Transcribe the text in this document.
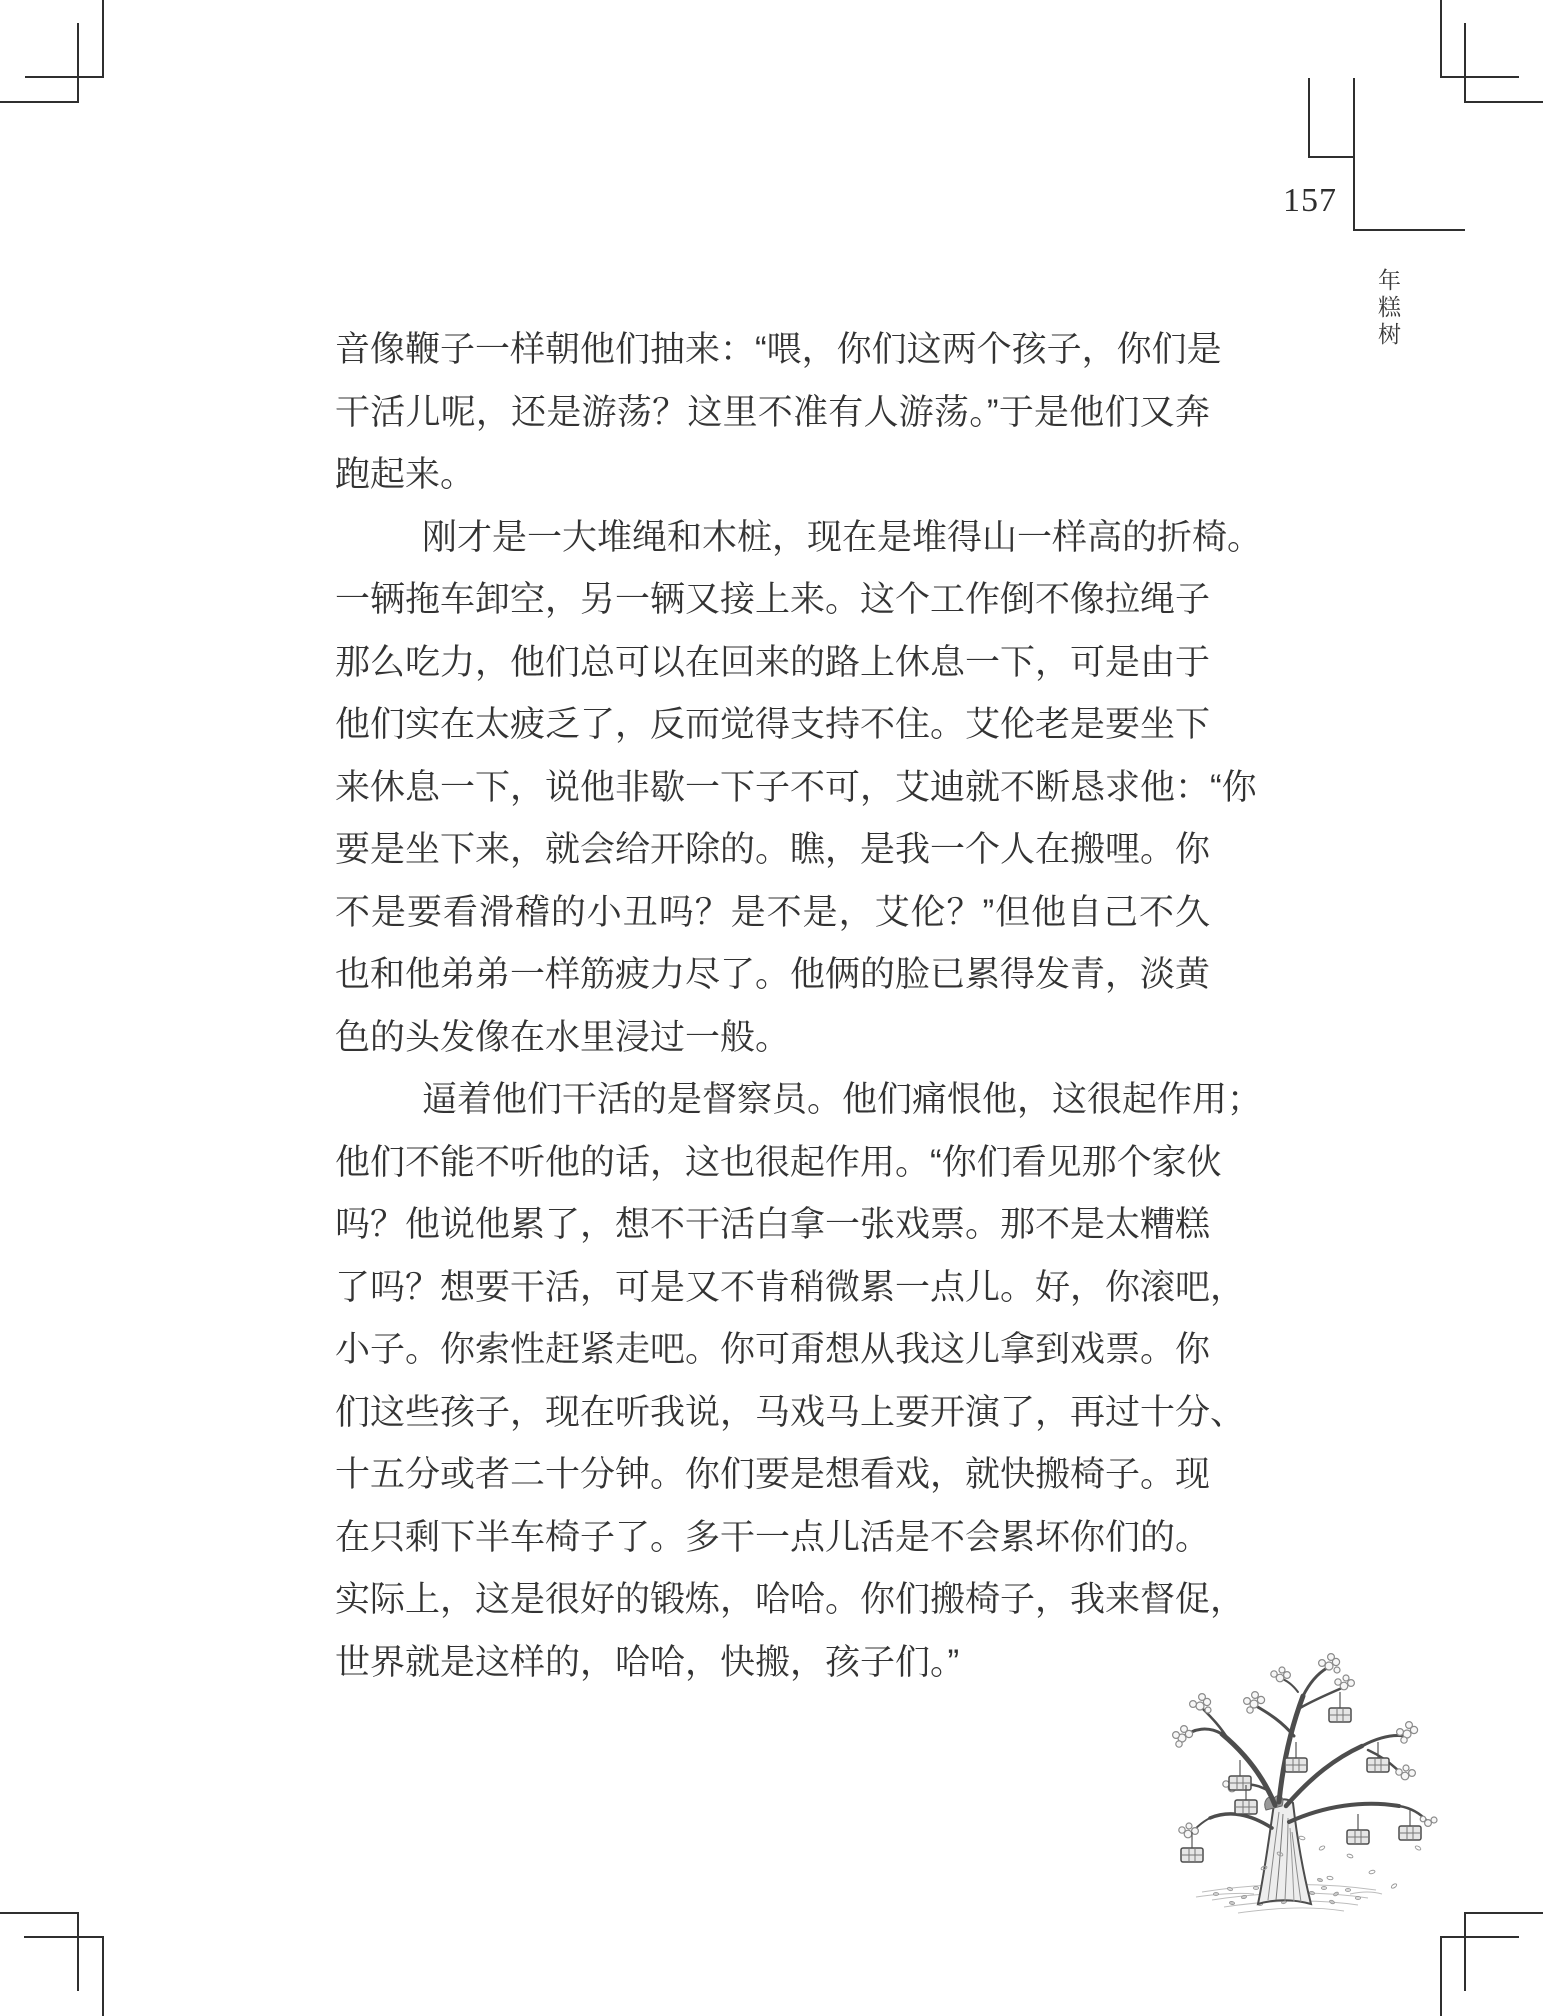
157
年糕树
音像鞭子一样朝他们抽来：“喂，你们这两个孩子，你们是
干活儿呢，还是游荡？这里不准有人游荡。”于是他们又奔
跑起来。
刚才是一大堆绳和木桩，现在是堆得山一样高的折椅。
一辆拖车卸空，另一辆又接上来。这个工作倒不像拉绳子
那么吃力，他们总可以在回来的路上休息一下，可是由于
他们实在太疲乏了，反而觉得支持不住。艾伦老是要坐下
来休息一下，说他非歇一下子不可，艾迪就不断恳求他：“你
要是坐下来，就会给开除的。瞧，是我一个人在搬哩。你
不是要看滑稽的小丑吗？是不是，艾伦？”但他自己不久
也和他弟弟一样筋疲力尽了。他俩的脸已累得发青，淡黄
色的头发像在水里浸过一般。
逼着他们干活的是督察员。他们痛恨他，这很起作用；
他们不能不听他的话，这也很起作用。“你们看见那个家伙
吗？他说他累了，想不干活白拿一张戏票。那不是太糟糕
了吗？想要干活，可是又不肯稍微累一点儿。好，你滚吧，
小子。你索性赶紧走吧。你可甭想从我这儿拿到戏票。你
们这些孩子，现在听我说，马戏马上要开演了，再过十分、
十五分或者二十分钟。你们要是想看戏，就快搬椅子。现
在只剩下半车椅子了。多干一点儿活是不会累坏你们的。
实际上，这是很好的锻炼，哈哈。你们搬椅子，我来督促，
世界就是这样的，哈哈，快搬，孩子们。”
